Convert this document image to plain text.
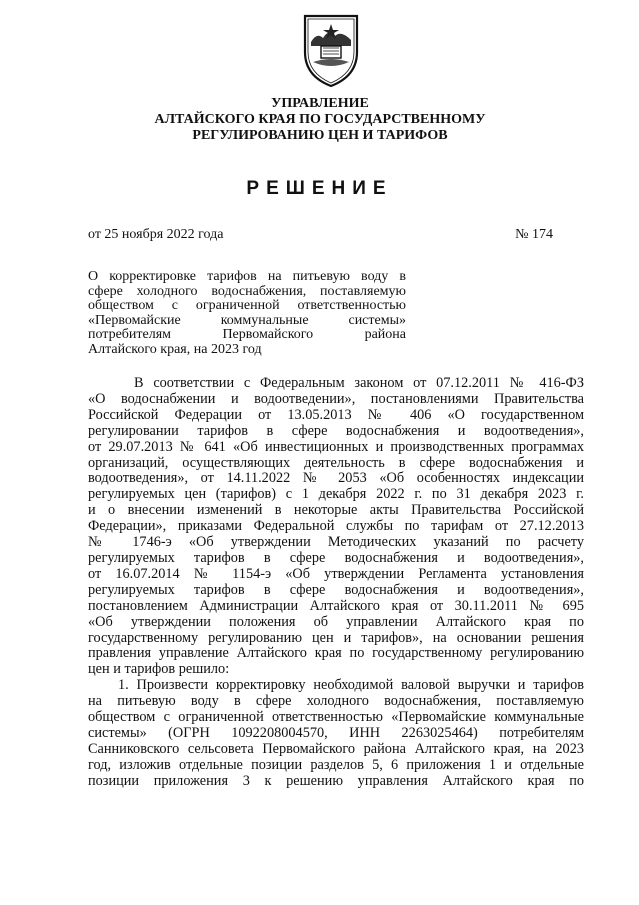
УПРАВЛЕНИЕ
АЛТАЙСКОГО КРАЯ ПО ГОСУДАРСТВЕННОМУ
РЕГУЛИРОВАНИЮ ЦЕН И ТАРИФОВ
РЕШЕНИЕ
от 25 ноября 2022 года	№ 174
О корректировке тарифов на питьевую воду в
сфере холодного водоснабжения, поставляемую
обществом с ограниченной ответственностью
«Первомайские коммунальные системы»
потребителям Первомайского района
Алтайского края, на 2023 год
В соответствии с Федеральным законом от 07.12.2011 № 416-ФЗ
«О водоснабжении и водоотведении», постановлениями Правительства
Российской Федерации от 13.05.2013 № 406 «О государственном
регулировании тарифов в сфере водоснабжения и водоотведения»,
от 29.07.2013 № 641 «Об инвестиционных и производственных программах
организаций, осуществляющих деятельность в сфере водоснабжения и
водоотведения», от 14.11.2022 № 2053 «Об особенностях индексации
регулируемых цен (тарифов) с 1 декабря 2022 г. по 31 декабря 2023 г.
и о внесении изменений в некоторые акты Правительства Российской
Федерации», приказами Федеральной службы по тарифам от 27.12.2013
№ 1746-э «Об утверждении Методических указаний по расчету
регулируемых тарифов в сфере водоснабжения и водоотведения»,
от 16.07.2014 № 1154-э «Об утверждении Регламента установления
регулируемых тарифов в сфере водоснабжения и водоотведения»,
постановлением Администрации Алтайского края от 30.11.2011 № 695
«Об утверждении положения об управлении Алтайского края по
государственному регулированию цен и тарифов», на основании решения
правления управление Алтайского края по государственному регулированию
цен и тарифов решило:
1. Произвести корректировку необходимой валовой выручки и тарифов
на питьевую воду в сфере холодного водоснабжения, поставляемую
обществом с ограниченной ответственностью «Первомайские коммунальные
системы» (ОГРН 1092208004570, ИНН 2263025464) потребителям
Санниковского сельсовета Первомайского района Алтайского края, на 2023
год, изложив отдельные позиции разделов 5, 6 приложения 1 и отдельные
позиции приложения 3 к решению управления Алтайского края по
